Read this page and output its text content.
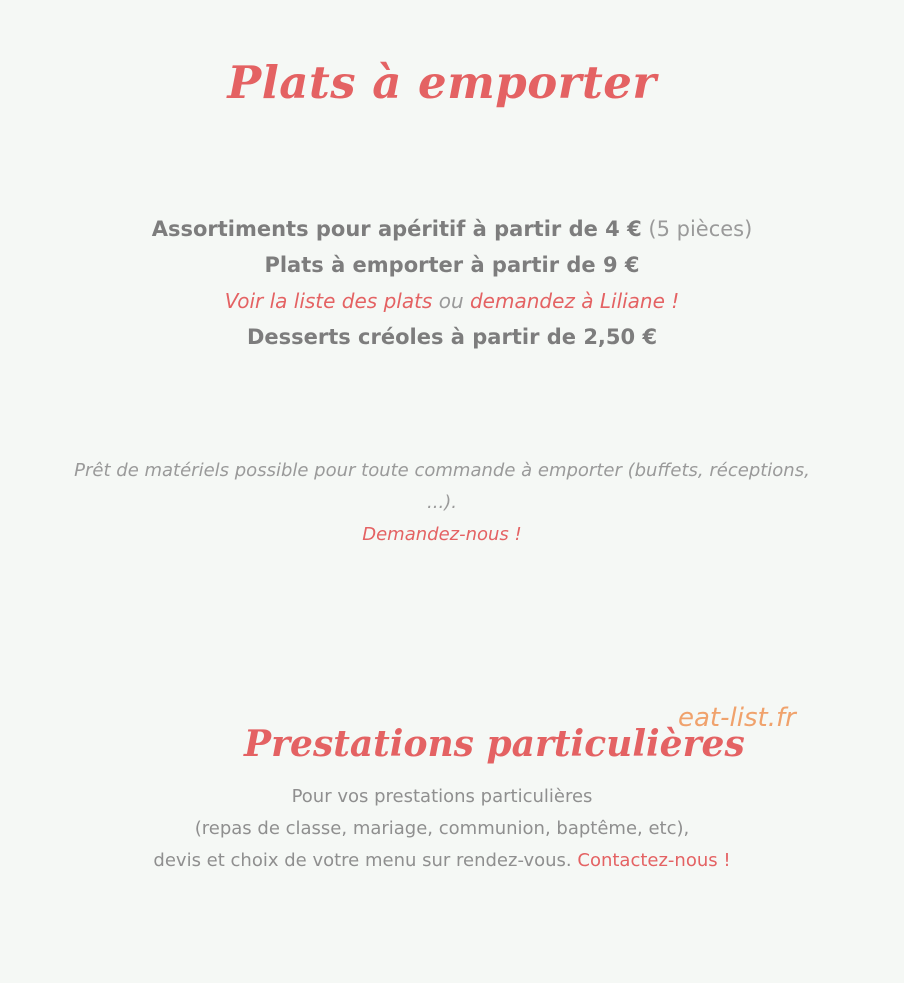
Plats à emporter
Assortiments pour apéritif à partir de 4 € (5 pièces)
Plats à emporter à partir de 9 €
Voir la liste des plats ou demandez à Liliane !
Desserts créoles à partir de 2,50 €
Prêt de matériels possible pour toute commande à emporter (buffets, réceptions, ...).
Demandez-nous !
Prestations particulières
eat-list.fr
Pour vos prestations particulières
(repas de classe, mariage, communion, baptême, etc),
devis et choix de votre menu sur rendez-vous. Contactez-nous !
